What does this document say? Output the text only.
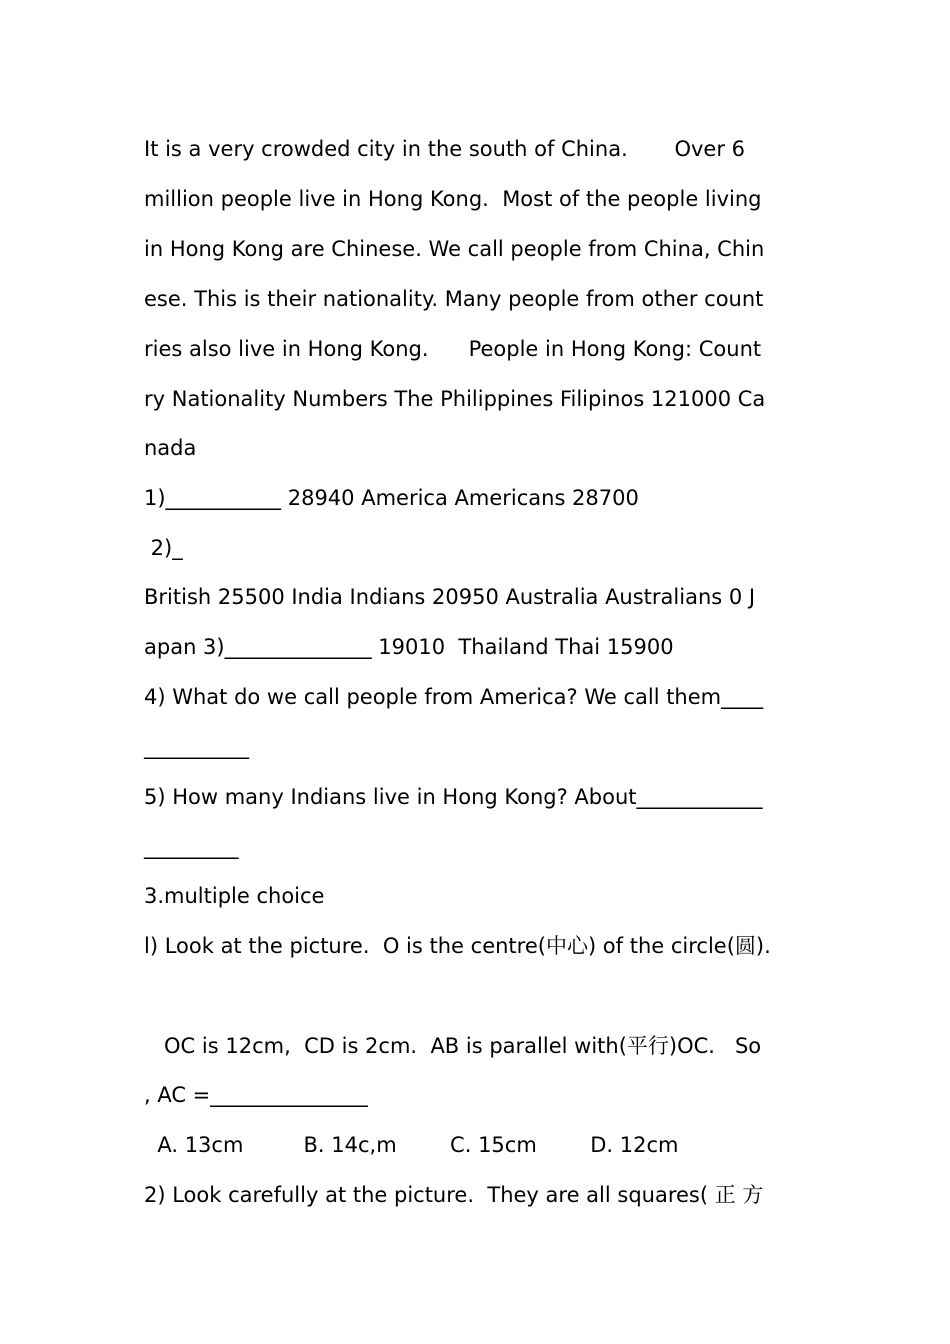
It is a very crowded city in the south of China.       Over 6
million people live in Hong Kong.  Most of the people living
in Hong Kong are Chinese. We call people from China, Chin
ese. This is their nationality. Many people from other count
ries also live in Hong Kong.      People in Hong Kong: Count
ry Nationality Numbers The Philippines Filipinos 121000 Ca
nada
1)___________ 28940 America Americans 28700
2)_
British 25500 India Indians 20950 Australia Australians 0 J
apan 3)______________ 19010  Thailand Thai 15900
4) What do we call people from America? We call them____
__________
5) How many Indians live in Hong Kong? About____________
_________
3.multiple choice
l) Look at the picture.  O is the centre(中心) of the circle(圆).
OC is 12cm,  CD is 2cm.  AB is parallel with(平行)OC.   So
, AC =_______________
A. 13cm         B. 14c,m        C. 15cm        D. 12cm
2) Look carefully at the picture.  They are all squares( 正 方
